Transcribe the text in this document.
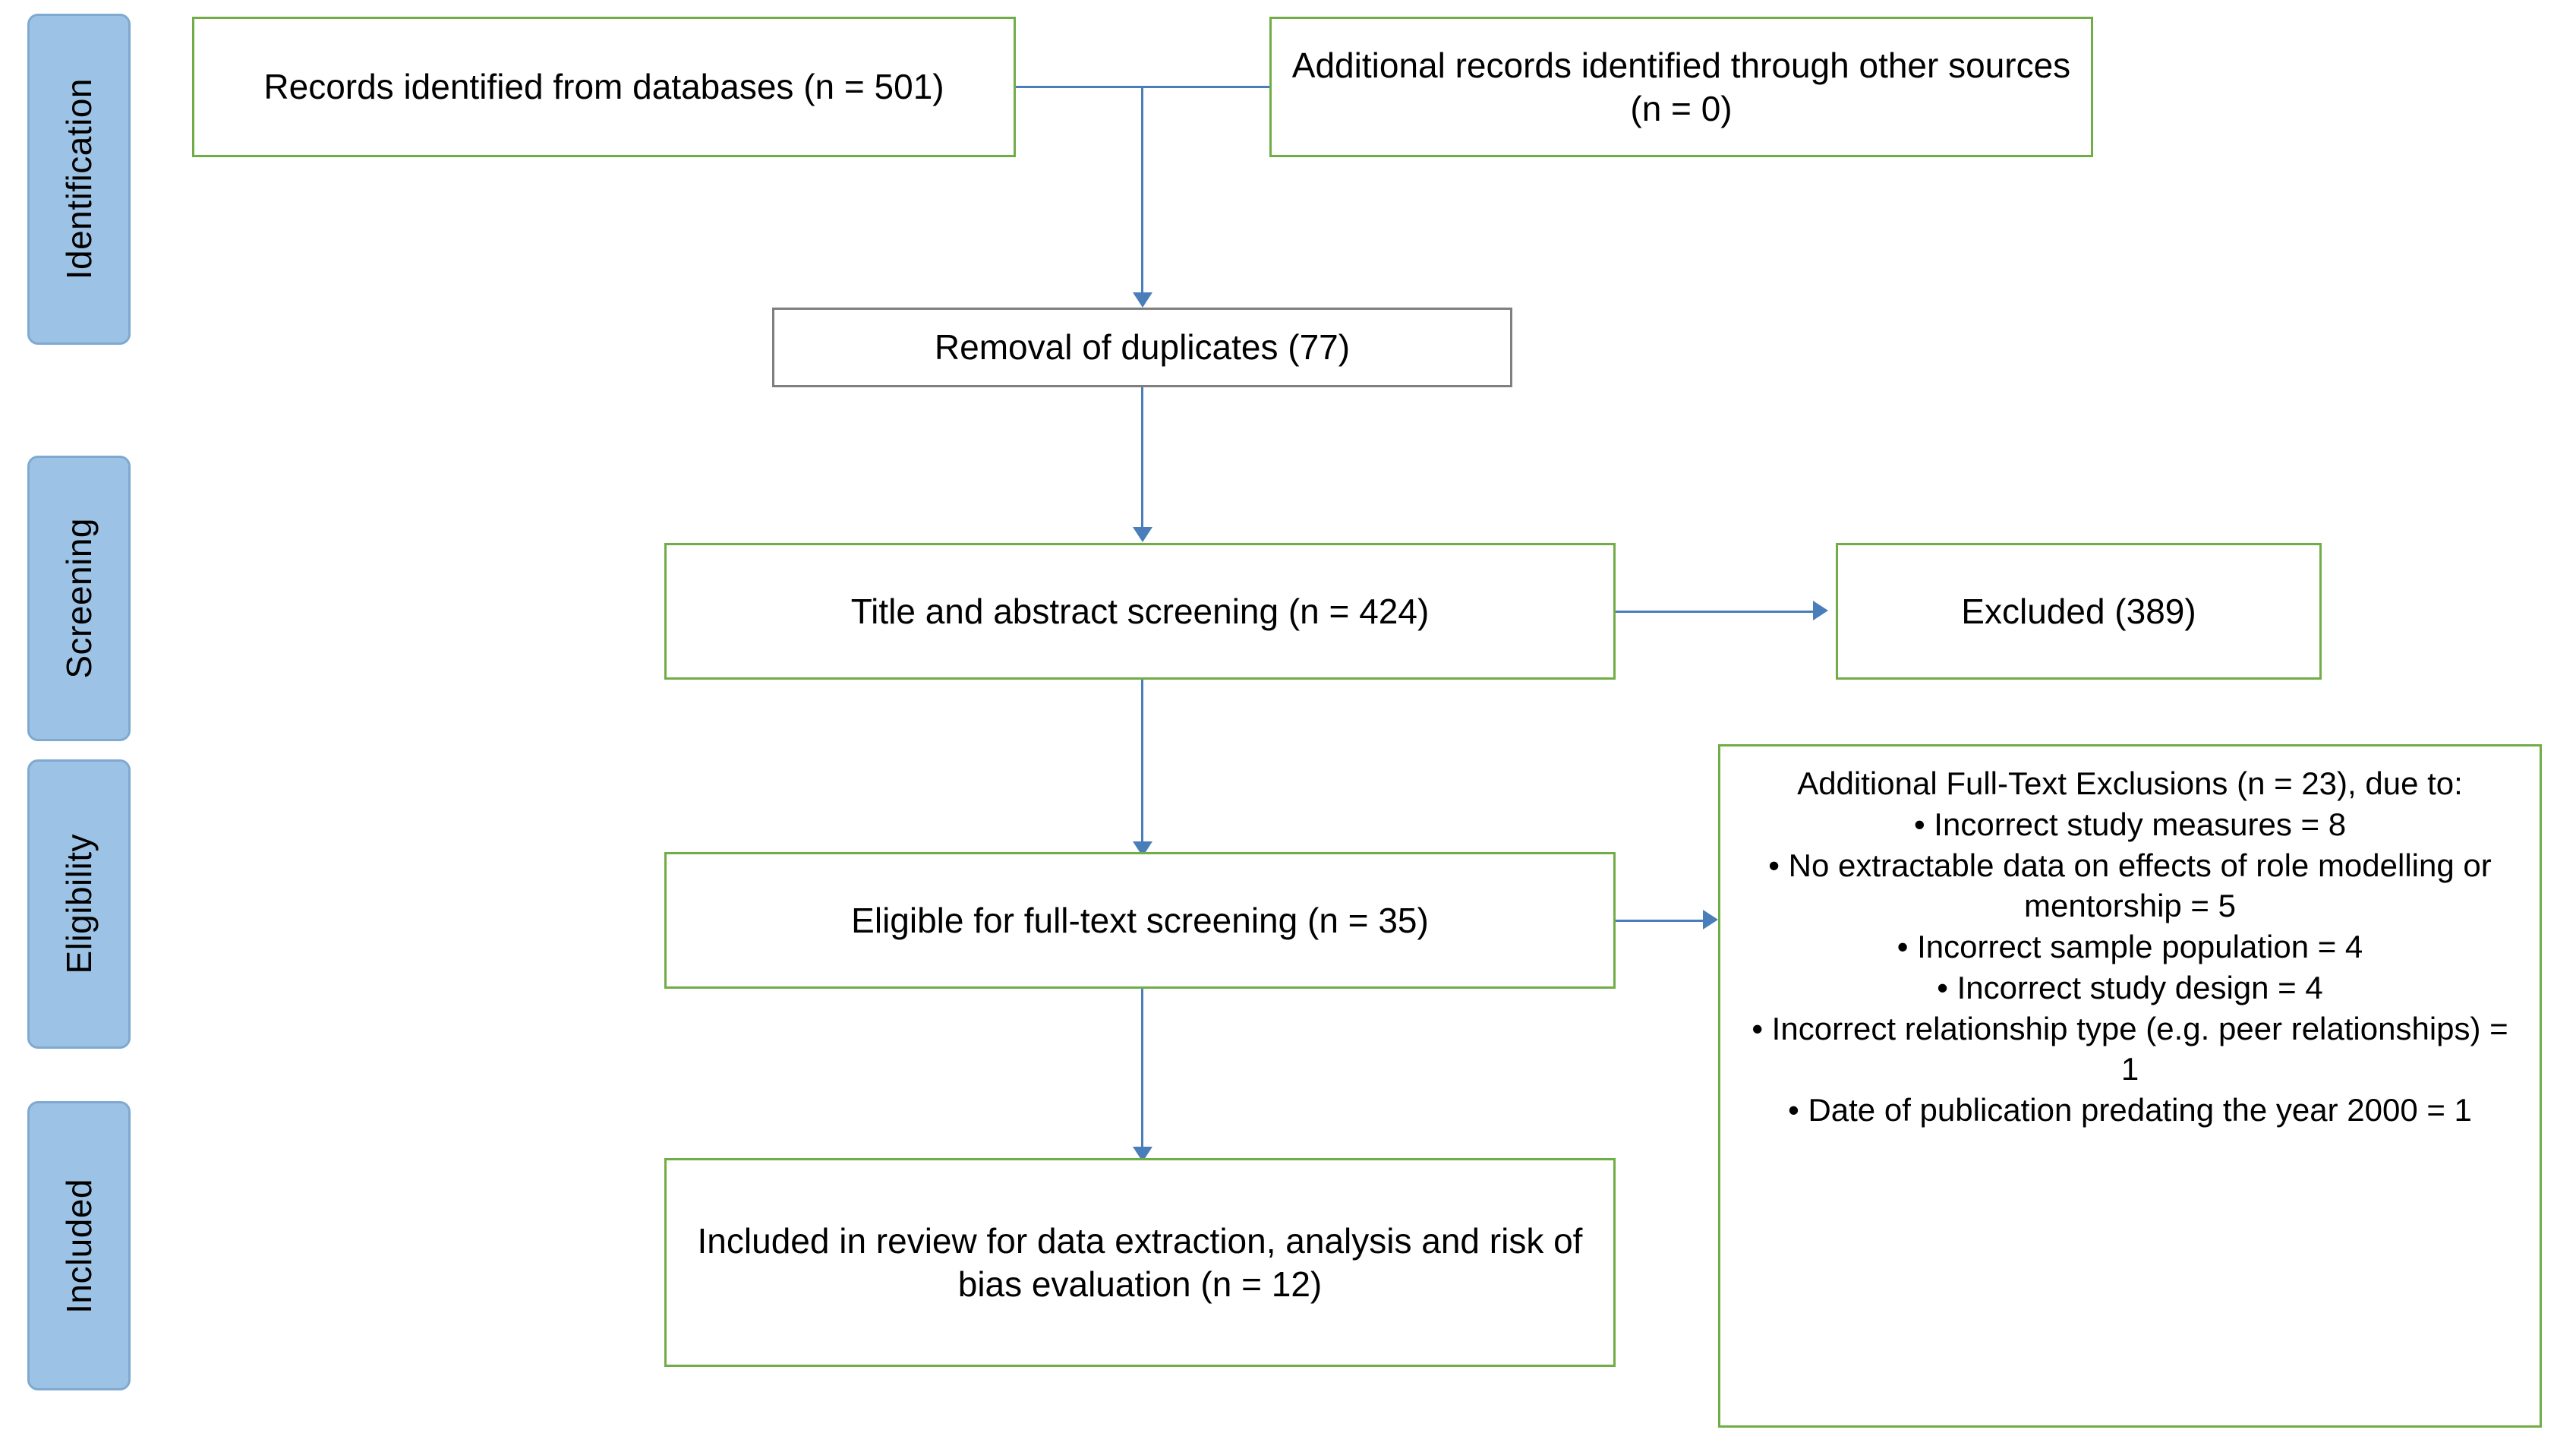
Identification
Screening
Eligibility
Included
Records identified from databases (n = 501)
Additional records identified through other sources (n = 0)
Removal of duplicates (77)
Title and abstract screening (n = 424)	Excluded (389)
Eligible for full-text screening (n = 35)
Additional Full-Text Exclusions (n = 23), due to:
• Incorrect study measures = 8
• No extractable data on effects of role modelling or mentorship = 5
• Incorrect sample population = 4
• Incorrect study design = 4
• Incorrect relationship type (e.g. peer relationships) = 1
• Date of publication predating the year 2000 = 1
Included in review for data extraction, analysis and risk of bias evaluation (n = 12)
